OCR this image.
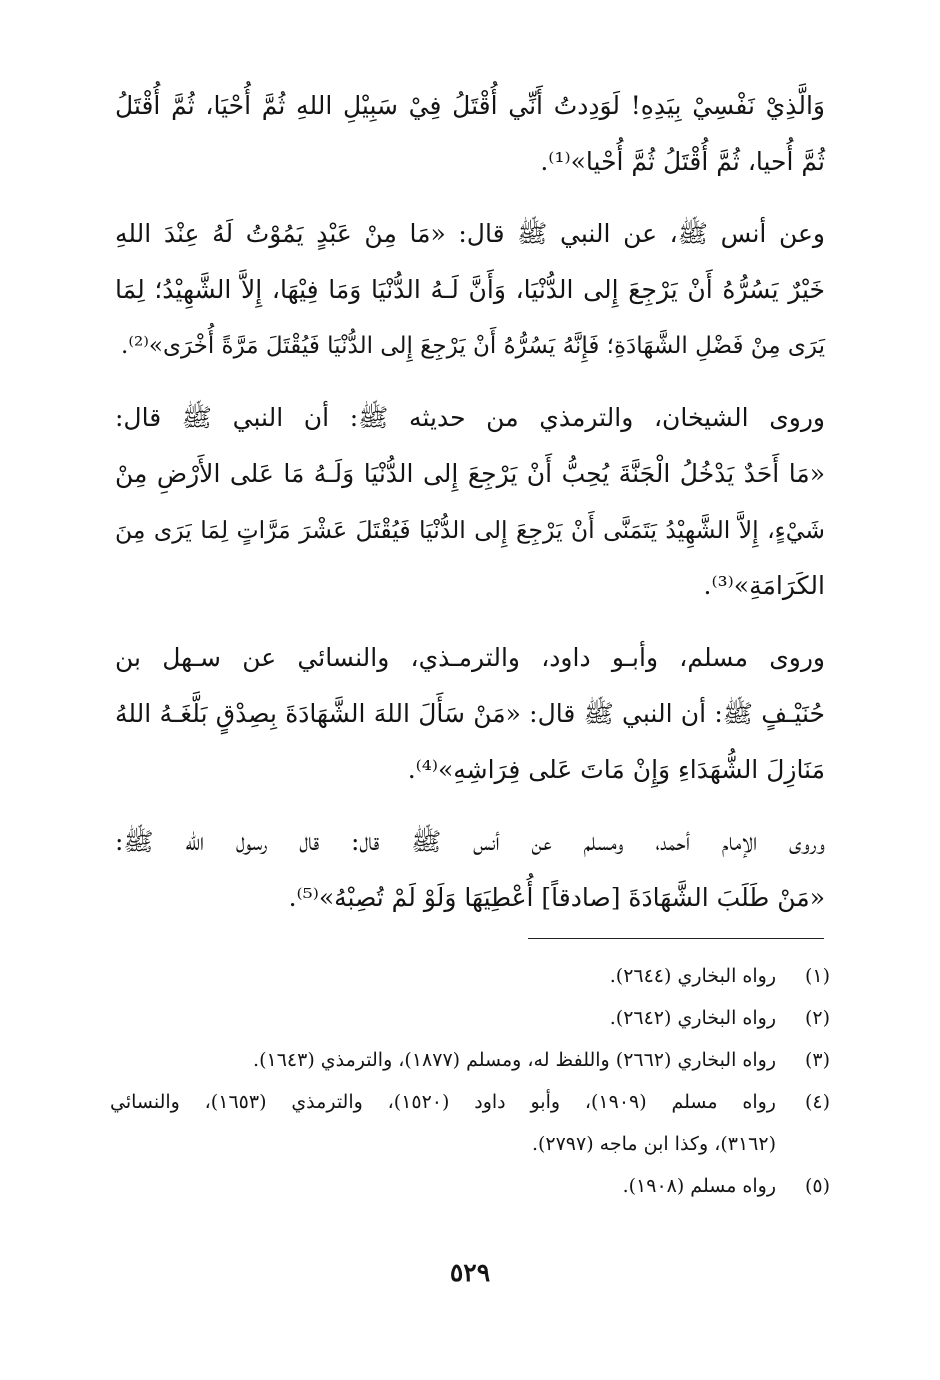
وَالَّذِيْ نَفْسِيْ بِيَدِهِ! لَوَدِدتُ أَنِّي أُقْتَلُ فِيْ سَبِيْلِ اللهِ ثُمَّ أُحْيَا، ثُمَّ أُقْتَلُ
ثُمَّ أُحيا، ثُمَّ أُقْتَلُ ثُمَّ أُحْيا»⁽¹⁾.
وعن أنس ﷺ، عن النبي ﷺ قال: «مَا مِنْ عَبْدٍ يَمُوْتُ لَهُ عِنْدَ اللهِ
خَيْرٌ يَسُرُّهُ أَنْ يَرْجِعَ إِلى الدُّنْيَا، وَأَنَّ لَـهُ الدُّنْيَا وَمَا فِيْهَا، إِلاَّ الشَّهِيْدُ؛ لِمَا
يَرَى مِنْ فَضْلِ الشَّهَادَةِ؛ فَإِنَّهُ يَسُرُّهُ أَنْ يَرْجِعَ إِلى الدُّنْيَا فَيُقْتَلَ مَرَّةً أُخْرَى»⁽²⁾.
وروى الشيخان، والترمذي من حديثه ﷺ: أن النبي ﷺ قال:
«مَا أَحَدٌ يَدْخُلُ الْجَنَّةَ يُحِبُّ أَنْ يَرْجِعَ إِلى الدُّنْيَا وَلَـهُ مَا عَلى الأَرْضِ مِنْ
شَيْءٍ، إِلاَّ الشَّهِيْدُ يَتَمَنَّى أَنْ يَرْجِعَ إِلى الدُّنْيَا فَيُقْتَلَ عَشْرَ مَرَّاتٍ لِمَا يَرَى مِنَ
الكَرَامَةِ»⁽³⁾.
وروى مسلم، وأبـو داود، والترمـذي، والنسائي عن سـهل بن
حُنَيْـفٍ ﷺ: أن النبي ﷺ قال: «مَنْ سَأَلَ اللهَ الشَّهَادَةَ بِصِدْقٍ بَلَّغَـهُ اللهُ
مَنَازِلَ الشُّهَدَاءِ وَإِنْ مَاتَ عَلى فِرَاشِهِ»⁽⁴⁾.
وروى الإمام أحمد، ومسلم عن أنس ﷺ قال: قال رسول الله ﷺ:
«مَنْ طَلَبَ الشَّهَادَةَ [صادقاً] أُعْطِيَهَا وَلَوْ لَمْ تُصِبْهُ»⁽⁵⁾.
(١)
رواه البخاري (٢٦٤٤).
(٢)
رواه البخاري (٢٦٤٢).
(٣)
رواه البخاري (٢٦٦٢) واللفظ له، ومسلم (١٨٧٧)، والترمذي (١٦٤٣).
(٤)
رواه مسلم (١٩٠٩)، وأبو داود (١٥٢٠)، والترمذي (١٦٥٣)، والنسائي
(٣١٦٢)، وكذا ابن ماجه (٢٧٩٧).
(٥)
رواه مسلم (١٩٠٨).
٥٢٩
